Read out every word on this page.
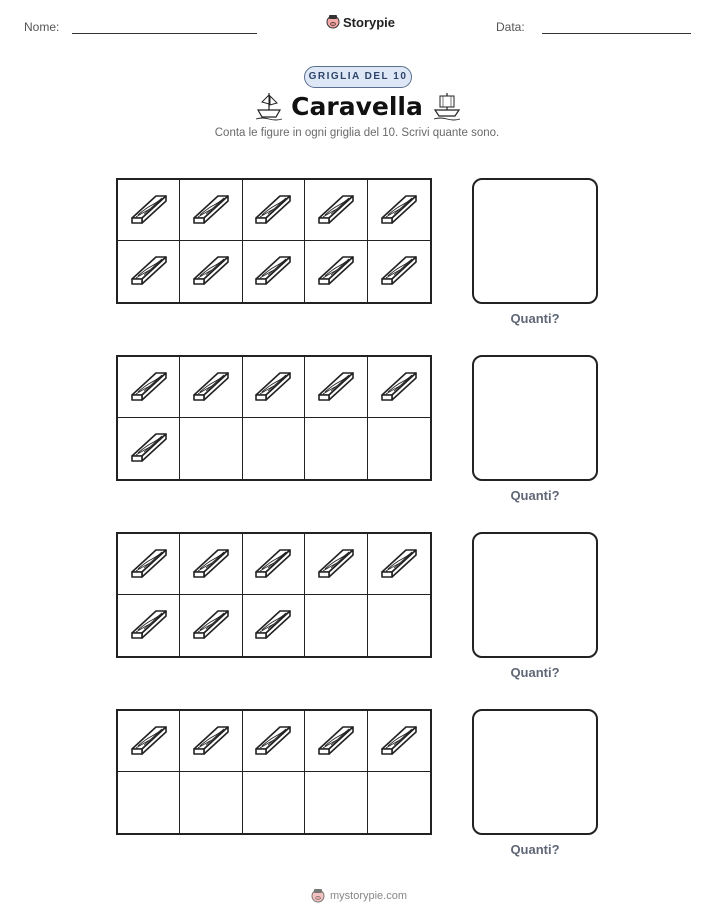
Nome:	Storypie	Data:
GRIGLIA DEL 10
Caravella
Conta le figure in ogni griglia del 10. Scrivi quante sono.
Quanti?
Quanti?
Quanti?
Quanti?
mystorypie.com
